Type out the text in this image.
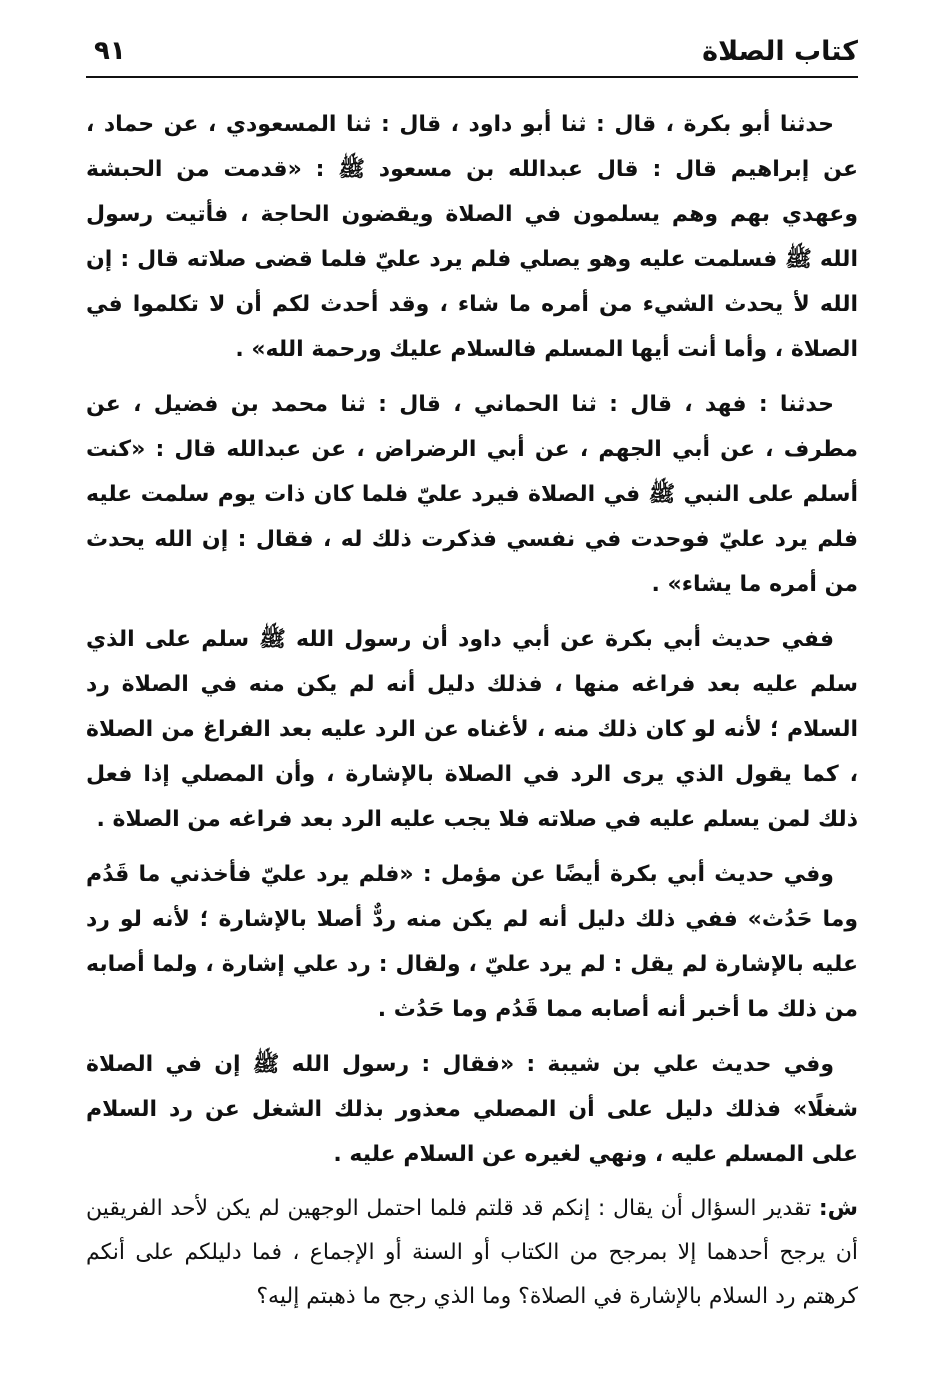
كتاب الصلاة
٩١

حدثنا أبو بكرة ، قال : ثنا أبو داود ، قال : ثنا المسعودي ، عن حماد ، عن إبراهيم قال : قال عبدالله بن مسعود ﷺ : «قدمت من الحبشة وعهدي بهم وهم يسلمون في الصلاة ويقضون الحاجة ، فأتيت رسول الله ﷺ فسلمت عليه وهو يصلي فلم يرد عليّ فلما قضى صلاته قال : إن الله لأ يحدث الشيء من أمره ما شاء ، وقد أحدث لكم أن لا تكلموا في الصلاة ، وأما أنت أيها المسلم فالسلام عليك ورحمة الله» .

حدثنا : فهد ، قال : ثنا الحماني ، قال : ثنا محمد بن فضيل ، عن مطرف ، عن أبي الجهم ، عن أبي الرضراض ، عن عبدالله قال : «كنت أسلم على النبي ﷺ في الصلاة فيرد عليّ فلما كان ذات يوم سلمت عليه فلم يرد عليّ فوحدت في نفسي فذكرت ذلك له ، فقال : إن الله يحدث من أمره ما يشاء» .

ففي حديث أبي بكرة عن أبي داود أن رسول الله ﷺ سلم على الذي سلم عليه بعد فراغه منها ، فذلك دليل أنه لم يكن منه في الصلاة رد السلام ؛ لأنه لو كان ذلك منه ، لأغناه عن الرد عليه بعد الفراغ من الصلاة ، كما يقول الذي يرى الرد في الصلاة بالإشارة ، وأن المصلي إذا فعل ذلك لمن يسلم عليه في صلاته فلا يجب عليه الرد بعد فراغه من الصلاة .

وفي حديث أبي بكرة أيضًا عن مؤمل : «فلم يرد عليّ فأخذني ما قَدُم وما حَدُث» ففي ذلك دليل أنه لم يكن منه ردٌّ أصلا بالإشارة ؛ لأنه لو رد عليه بالإشارة لم يقل : لم يرد عليّ ، ولقال : رد علي إشارة ، ولما أصابه من ذلك ما أخبر أنه أصابه مما قَدُم وما حَدُث .

وفي حديث علي بن شيبة : «فقال : رسول الله ﷺ إن في الصلاة شغلًا» فذلك دليل على أن المصلي معذور بذلك الشغل عن رد السلام على المسلم عليه ، ونهي لغيره عن السلام عليه .

ش: تقدير السؤال أن يقال : إنكم قد قلتم فلما احتمل الوجهين لم يكن لأحد الفريقين أن يرجح أحدهما إلا بمرجح من الكتاب أو السنة أو الإجماع ، فما دليلكم على أنكم كرهتم رد السلام بالإشارة في الصلاة؟ وما الذي رجح ما ذهبتم إليه؟
